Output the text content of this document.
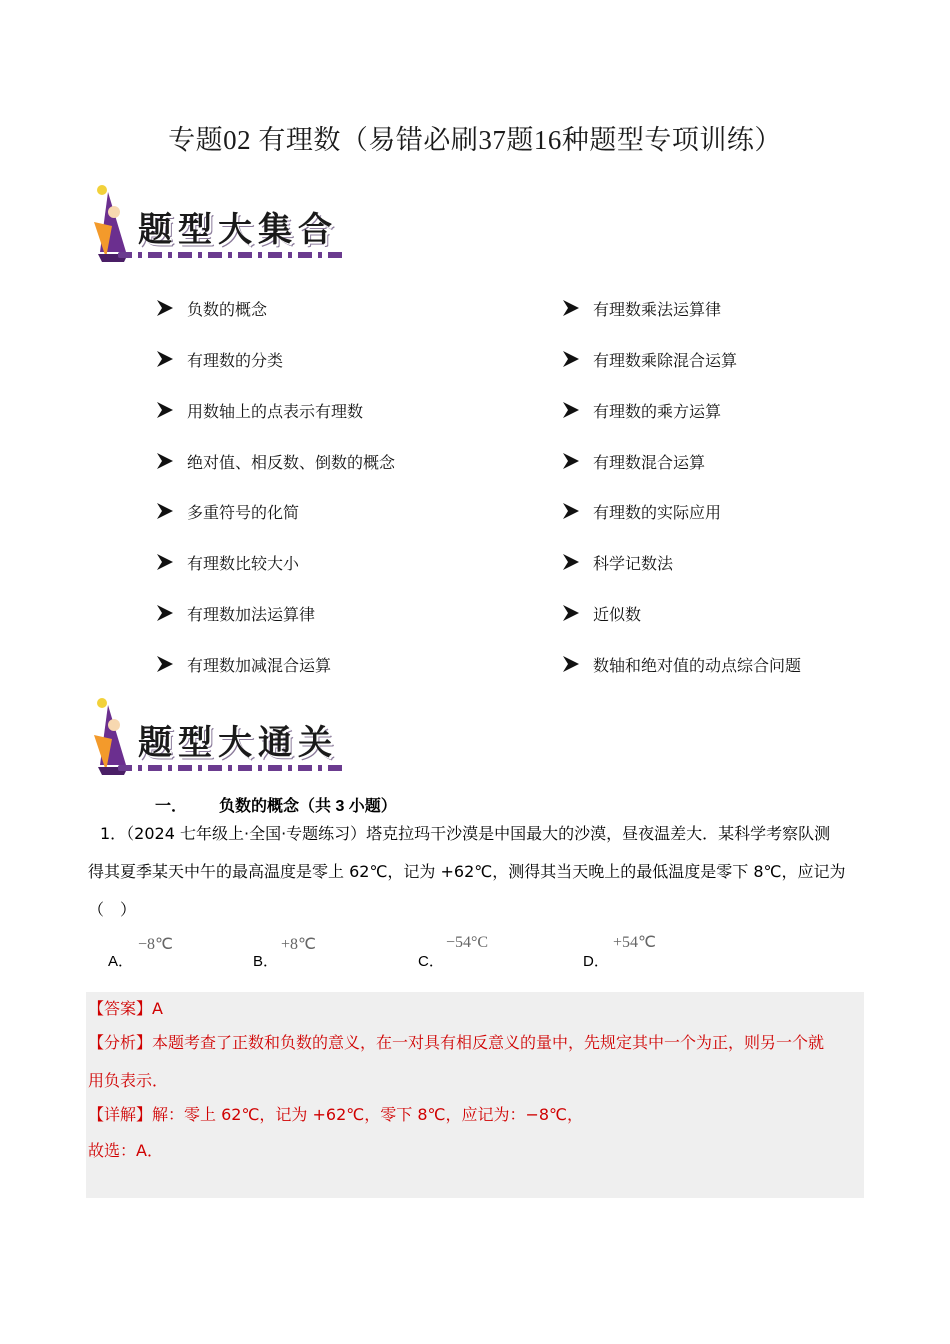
专题02 有理数（易错必刷37题16种题型专项训练）
题型大集合
负数的概念
有理数的分类
用数轴上的点表示有理数
绝对值、相反数、倒数的概念
多重符号的化简
有理数比较大小
有理数加法运算律
有理数加减混合运算
有理数乘法运算律
有理数乘除混合运算
有理数的乘方运算
有理数混合运算
有理数的实际应用
科学记数法
近似数
数轴和绝对值的动点综合问题
题型大通关
一． 负数的概念（共 3 小题）
1．（2024 七年级上·全国·专题练习）塔克拉玛干沙漠是中国最大的沙漠，昼夜温差大．某科学考察队测
得其夏季某天中午的最高温度是零上 62℃，记为 +62℃，测得其当天晚上的最低温度是零下 8℃，应记为
（　）
A．
−8℃
B．
+8℃
C．
−54°C
D．
+54℃
【答案】A
【分析】本题考查了正数和负数的意义，在一对具有相反意义的量中，先规定其中一个为正，则另一个就
用负表示．
【详解】解：零上 62℃，记为 +62℃，零下 8℃，应记为：−8℃，
故选：A．
